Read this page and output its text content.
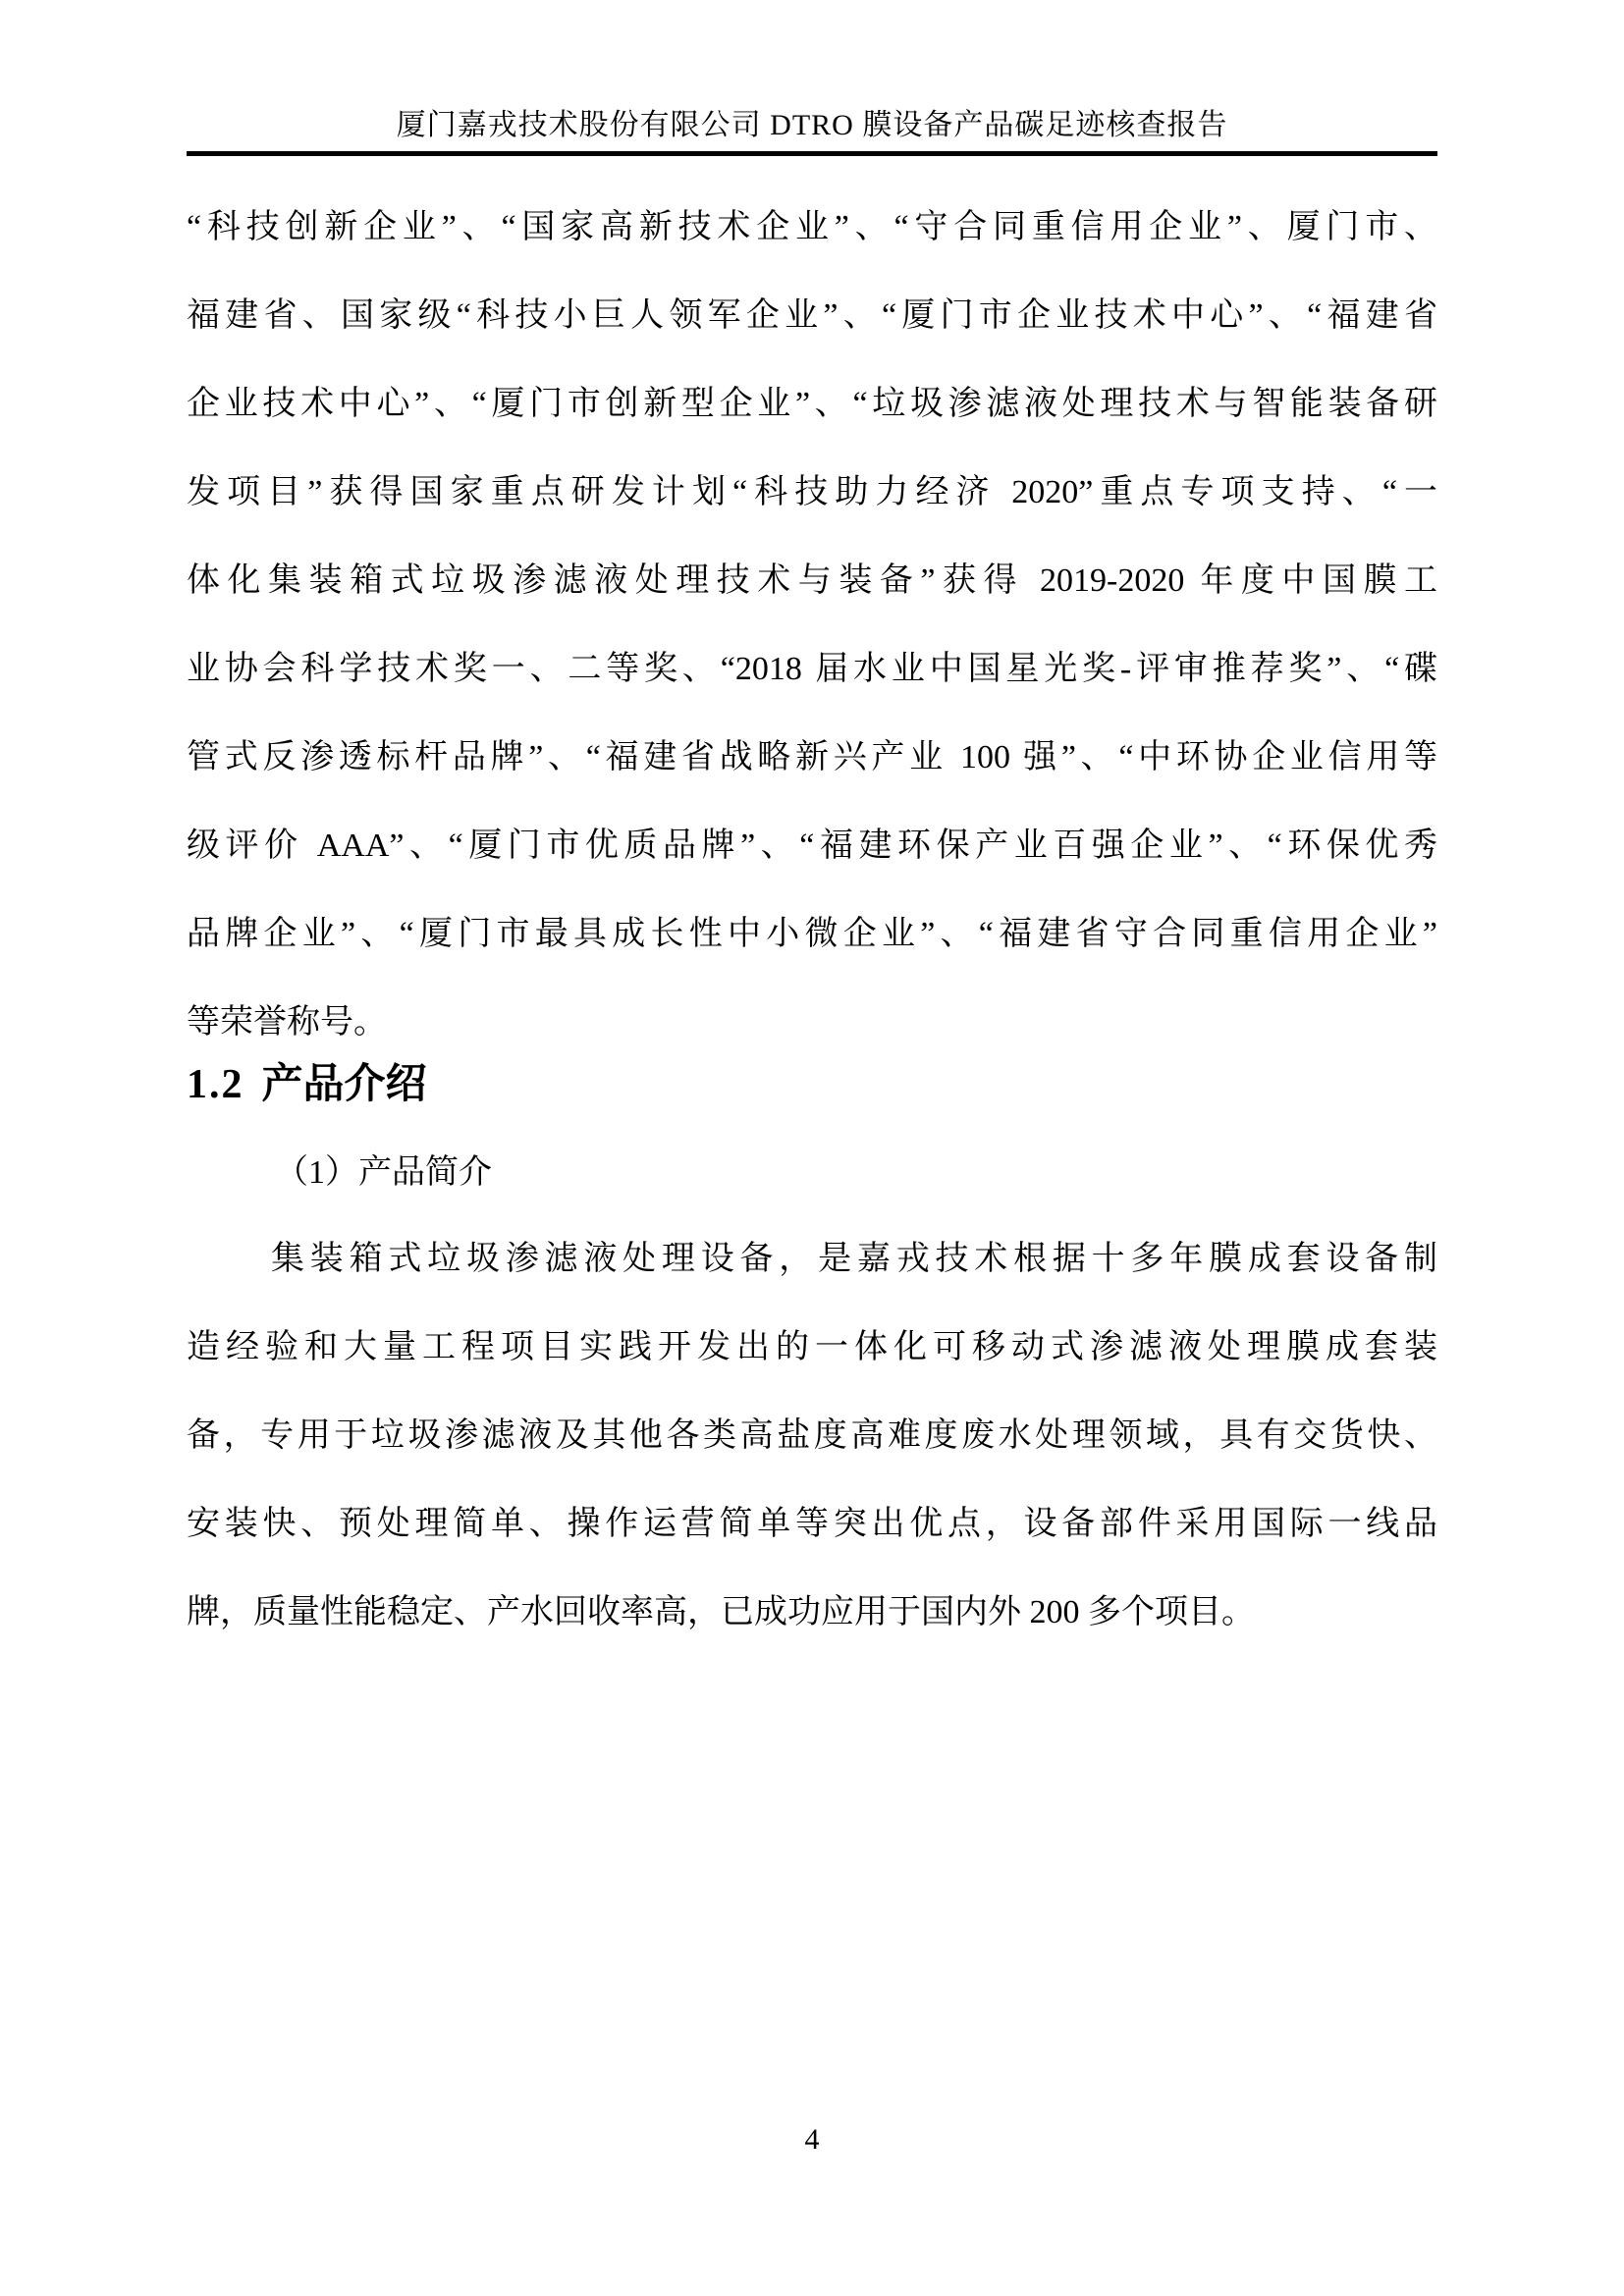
厦门嘉戎技术股份有限公司 DTRO 膜设备产品碳足迹核查报告
“科技创新企业”、“国家高新技术企业”、“守合同重信用企业”、厦门市、
福建省、国家级“科技小巨人领军企业”、“厦门市企业技术中心”、“福建省
企业技术中心”、“厦门市创新型企业”、“垃圾渗滤液处理技术与智能装备研
发项目”获得国家重点研发计划“科技助力经济 2020”重点专项支持、“一
体化集装箱式垃圾渗滤液处理技术与装备”获得 2019-2020 年度中国膜工
业协会科学技术奖一、二等奖、“2018 届水业中国星光奖-评审推荐奖”、“碟
管式反渗透标杆品牌”、“福建省战略新兴产业 100 强”、“中环协企业信用等
级评价 AAA”、“厦门市优质品牌”、“福建环保产业百强企业”、“环保优秀
品牌企业”、“厦门市最具成长性中小微企业”、“福建省守合同重信用企业”
等荣誉称号。
1.2 产品介绍
（1）产品简介
集装箱式垃圾渗滤液处理设备，是嘉戎技术根据十多年膜成套设备制
造经验和大量工程项目实践开发出的一体化可移动式渗滤液处理膜成套装
备，专用于垃圾渗滤液及其他各类高盐度高难度废水处理领域，具有交货快、
安装快、预处理简单、操作运营简单等突出优点，设备部件采用国际一线品
牌，质量性能稳定、产水回收率高，已成功应用于国内外 200 多个项目。
4
